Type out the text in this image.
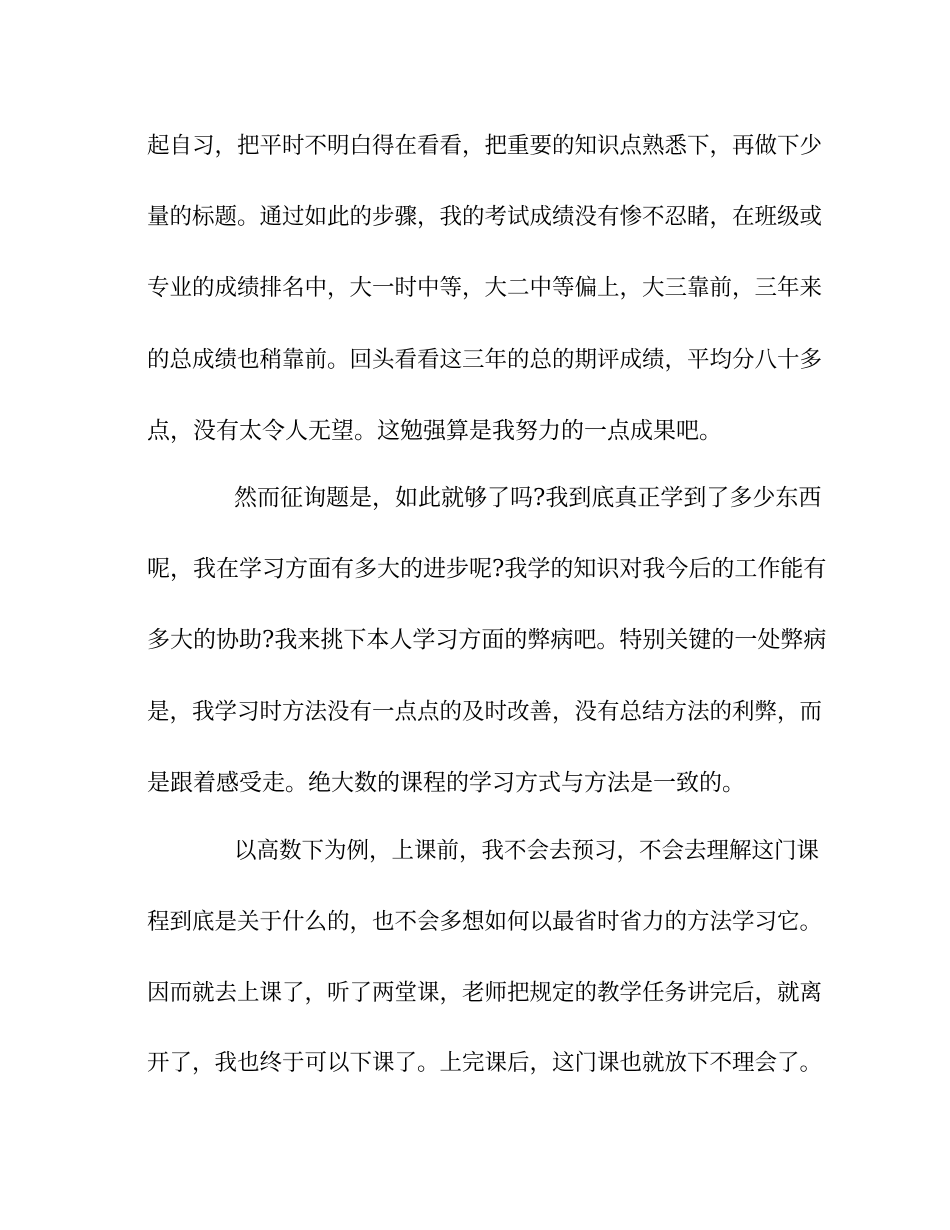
起自习，把平时不明白得在看看，把重要的知识点熟悉下，再做下少

量的标题。通过如此的步骤，我的考试成绩没有惨不忍睹，在班级或

专业的成绩排名中，大一时中等，大二中等偏上，大三靠前，三年来

的总成绩也稍靠前。回头看看这三年的总的期评成绩，平均分八十多

点，没有太令人无望。这勉强算是我努力的一点成果吧。

然而征询题是，如此就够了吗?我到底真正学到了多少东西

呢，我在学习方面有多大的进步呢?我学的知识对我今后的工作能有

多大的协助?我来挑下本人学习方面的弊病吧。特别关键的一处弊病

是，我学习时方法没有一点点的及时改善，没有总结方法的利弊，而

是跟着感受走。绝大数的课程的学习方式与方法是一致的。

以高数下为例，上课前，我不会去预习，不会去理解这门课

程到底是关于什么的，也不会多想如何以最省时省力的方法学习它。

因而就去上课了，听了两堂课，老师把规定的教学任务讲完后，就离

开了，我也终于可以下课了。上完课后，这门课也就放下不理会了。
